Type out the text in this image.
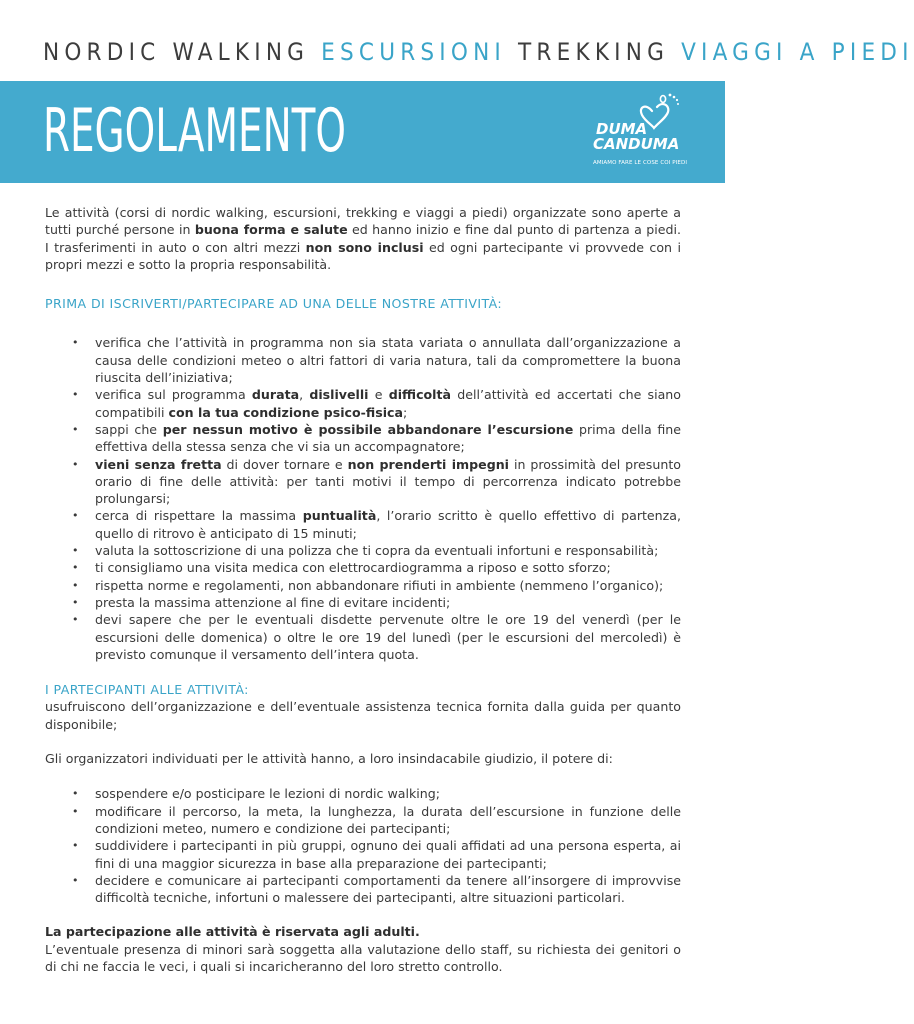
NORDIC WALKING ESCURSIONI TREKKING VIAGGI A PIEDI
REGOLAMENTO	DUMA
CANDUMA
AMIAMO FARE LE COSE COI PIEDI

Le attività (corsi di nordic walking, escursioni, trekking e viaggi a piedi) organizzate sono aperte a tutti purché persone in buona forma e salute ed hanno inizio e fine dal punto di partenza a piedi. I trasferimenti in auto o con altri mezzi non sono inclusi ed ogni partecipante vi provvede con i propri mezzi e sotto la propria responsabilità.

PRIMA DI ISCRIVERTI/PARTECIPARE AD UNA DELLE NOSTRE ATTIVITÀ:

• verifica che l’attività in programma non sia stata variata o annullata dall’organizzazione a causa delle condizioni meteo o altri fattori di varia natura, tali da compromettere la buona riuscita dell’iniziativa;
• verifica sul programma durata, dislivelli e difficoltà dell’attività ed accertati che siano compatibili con la tua condizione psico-fisica;
• sappi che per nessun motivo è possibile abbandonare l’escursione prima della fine effettiva della stessa senza che vi sia un accompagnatore;
• vieni senza fretta di dover tornare e non prenderti impegni in prossimità del presunto orario di fine delle attività: per tanti motivi il tempo di percorrenza indicato potrebbe prolungarsi;
• cerca di rispettare la massima puntualità, l’orario scritto è quello effettivo di partenza, quello di ritrovo è anticipato di 15 minuti;
• valuta la sottoscrizione di una polizza che ti copra da eventuali infortuni e responsabilità;
• ti consigliamo una visita medica con elettrocardiogramma a riposo e sotto sforzo;
• rispetta norme e regolamenti, non abbandonare rifiuti in ambiente (nemmeno l’organico);
• presta la massima attenzione al fine di evitare incidenti;
• devi sapere che per le eventuali disdette pervenute oltre le ore 19 del venerdì (per le escursioni delle domenica) o oltre le ore 19 del lunedì (per le escursioni del mercoledì) è previsto comunque il versamento dell’intera quota.

I PARTECIPANTI ALLE ATTIVITÀ:

usufruiscono dell’organizzazione e dell’eventuale assistenza tecnica fornita dalla guida per quanto disponibile;

Gli organizzatori individuati per le attività hanno, a loro insindacabile giudizio, il potere di:

• sospendere e/o posticipare le lezioni di nordic walking;
• modificare il percorso, la meta, la lunghezza, la durata dell’escursione in funzione delle condizioni meteo, numero e condizione dei partecipanti;
• suddividere i partecipanti in più gruppi, ognuno dei quali affidati ad una persona esperta, ai fini di una maggior sicurezza in base alla preparazione dei partecipanti;
• decidere e comunicare ai partecipanti comportamenti da tenere all’insorgere di improvvise difficoltà tecniche, infortuni o malessere dei partecipanti, altre situazioni particolari.

La partecipazione alle attività è riservata agli adulti.

L’eventuale presenza di minori sarà soggetta alla valutazione dello staff, su richiesta dei genitori o di chi ne faccia le veci, i quali si incaricheranno del loro stretto controllo.
